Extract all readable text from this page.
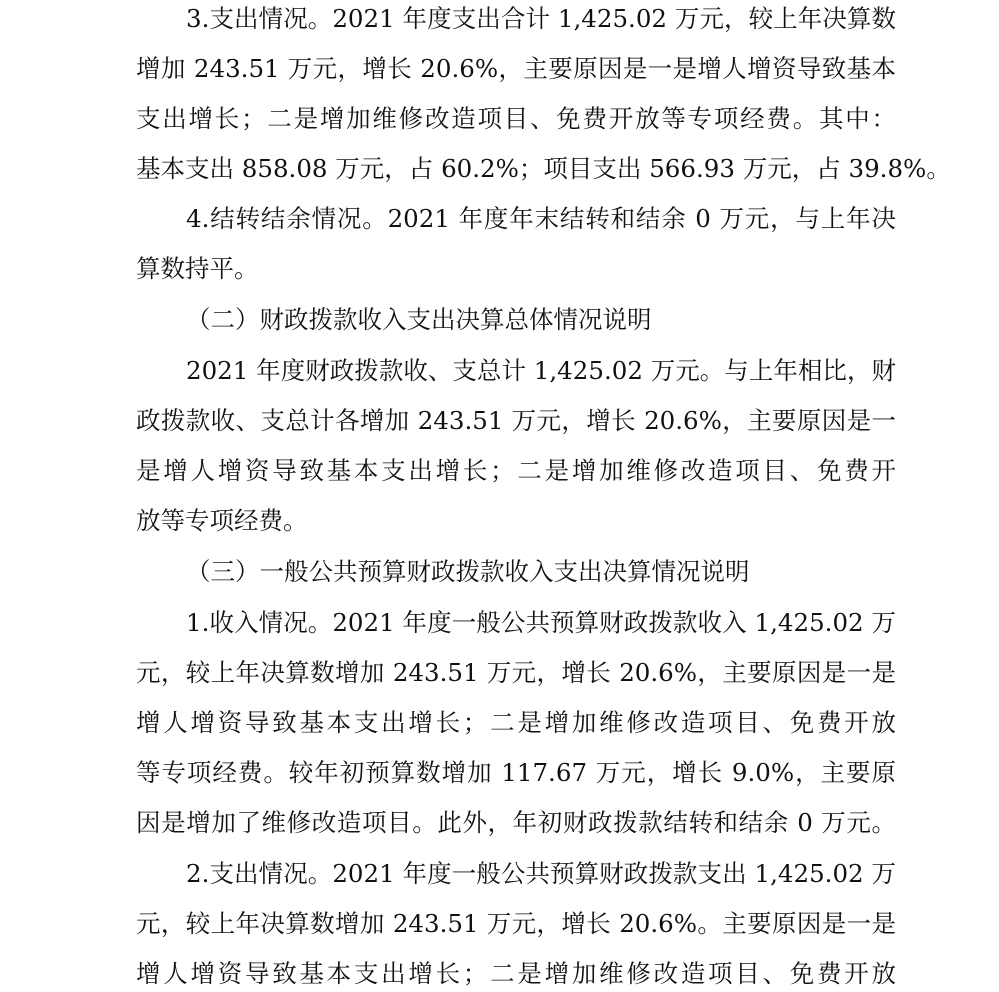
3.支出情况。2021 年度支出合计 1,425.02 万元，较上年决算数
增加 243.51 万元，增长 20.6%，主要原因是一是增人增资导致基本
支出增长；二是增加维修改造项目、免费开放等专项经费。其中：
基本支出 858.08 万元，占 60.2%；项目支出 566.93 万元，占 39.8%。
4.结转结余情况。2021 年度年末结转和结余 0 万元，与上年决
算数持平。
（二）财政拨款收入支出决算总体情况说明
2021 年度财政拨款收、支总计 1,425.02 万元。与上年相比，财
政拨款收、支总计各增加 243.51 万元，增长 20.6%，主要原因是一
是增人增资导致基本支出增长；二是增加维修改造项目、免费开
放等专项经费。
（三）一般公共预算财政拨款收入支出决算情况说明
1.收入情况。2021 年度一般公共预算财政拨款收入 1,425.02 万
元，较上年决算数增加 243.51 万元，增长 20.6%，主要原因是一是
增人增资导致基本支出增长；二是增加维修改造项目、免费开放
等专项经费。较年初预算数增加 117.67 万元，增长 9.0%，主要原
因是增加了维修改造项目。此外，年初财政拨款结转和结余 0 万元。
2.支出情况。2021 年度一般公共预算财政拨款支出 1,425.02 万
元，较上年决算数增加 243.51 万元，增长 20.6%。主要原因是一是
增人增资导致基本支出增长；二是增加维修改造项目、免费开放
